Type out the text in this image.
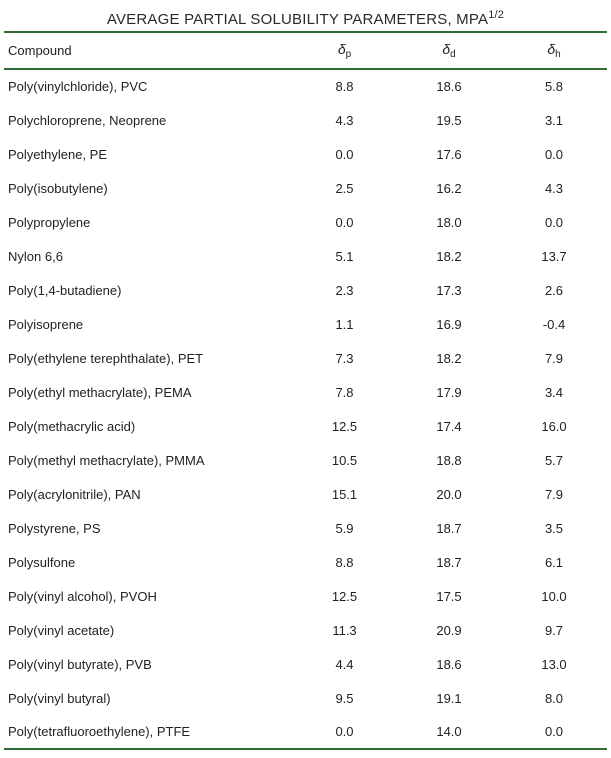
AVERAGE PARTIAL SOLUBILITY PARAMETERS, $MPA^{1/2}$
Compound	$\delta_p$	$\delta_d$	$\delta_h$
Poly(vinylchloride), PVC	8.8	18.6	5.8
Polychloroprene, Neoprene	4.3	19.5	3.1
Polyethylene, PE	0.0	17.6	0.0
Poly(isobutylene)	2.5	16.2	4.3
Polypropylene	0.0	18.0	0.0
Nylon 6,6	5.1	18.2	13.7
Poly(1,4-butadiene)	2.3	17.3	2.6
Polyisoprene	1.1	16.9	-0.4
Poly(ethylene terephthalate), PET	7.3	18.2	7.9
Poly(ethyl methacrylate), PEMA	7.8	17.9	3.4
Poly(methacrylic acid)	12.5	17.4	16.0
Poly(methyl methacrylate), PMMA	10.5	18.8	5.7
Poly(acrylonitrile), PAN	15.1	20.0	7.9
Polystyrene, PS	5.9	18.7	3.5
Polysulfone	8.8	18.7	6.1
Poly(vinyl alcohol), PVOH	12.5	17.5	10.0
Poly(vinyl acetate)	11.3	20.9	9.7
Poly(vinyl butyrate), PVB	4.4	18.6	13.0
Poly(vinyl butyral)	9.5	19.1	8.0
Poly(tetrafluoroethylene), PTFE	0.0	14.0	0.0
